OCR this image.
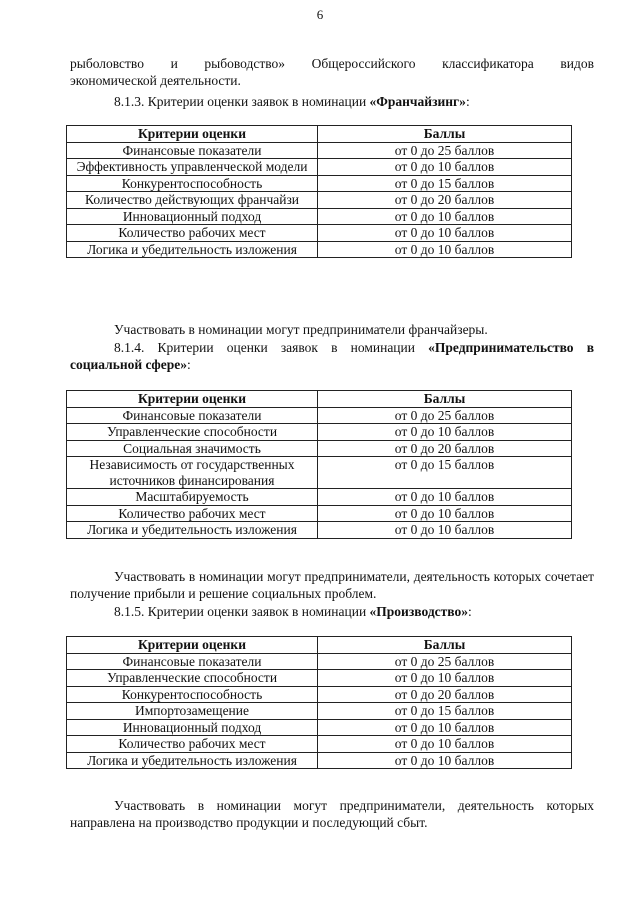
6
рыболовство и рыбоводство» Общероссийского классификатора видов
экономической деятельности.

8.1.3. Критерии оценки заявок в номинации «Франчайзинг»:

Критерии оценки	Баллы
Финансовые показатели	от 0 до 25 баллов
Эффективность управленческой модели	от 0 до 10 баллов
Конкурентоспособность	от 0 до 15 баллов
Количество действующих франчайзи	от 0 до 20 баллов
Инновационный подход	от 0 до 10 баллов
Количество рабочих мест	от 0 до 10 баллов
Логика и убедительность изложения	от 0 до 10 баллов

Участвовать в номинации могут предприниматели франчайзеры.

8.1.4. Критерии оценки заявок в номинации «Предпринимательство в социальной сфере»:

Критерии оценки	Баллы
Финансовые показатели	от 0 до 25 баллов
Управленческие способности	от 0 до 10 баллов
Социальная значимость	от 0 до 20 баллов
Независимость от государственных источников финансирования	от 0 до 15 баллов
Масштабируемость	от 0 до 10 баллов
Количество рабочих мест	от 0 до 10 баллов
Логика и убедительность изложения	от 0 до 10 баллов

Участвовать в номинации могут предприниматели, деятельность которых сочетает получение прибыли и решение социальных проблем.

8.1.5. Критерии оценки заявок в номинации «Производство»:

Критерии оценки	Баллы
Финансовые показатели	от 0 до 25 баллов
Управленческие способности	от 0 до 10 баллов
Конкурентоспособность	от 0 до 20 баллов
Импортозамещение	от 0 до 15 баллов
Инновационный подход	от 0 до 10 баллов
Количество рабочих мест	от 0 до 10 баллов
Логика и убедительность изложения	от 0 до 10 баллов

Участвовать в номинации могут предприниматели, деятельность которых направлена на производство продукции и последующий сбыт.
